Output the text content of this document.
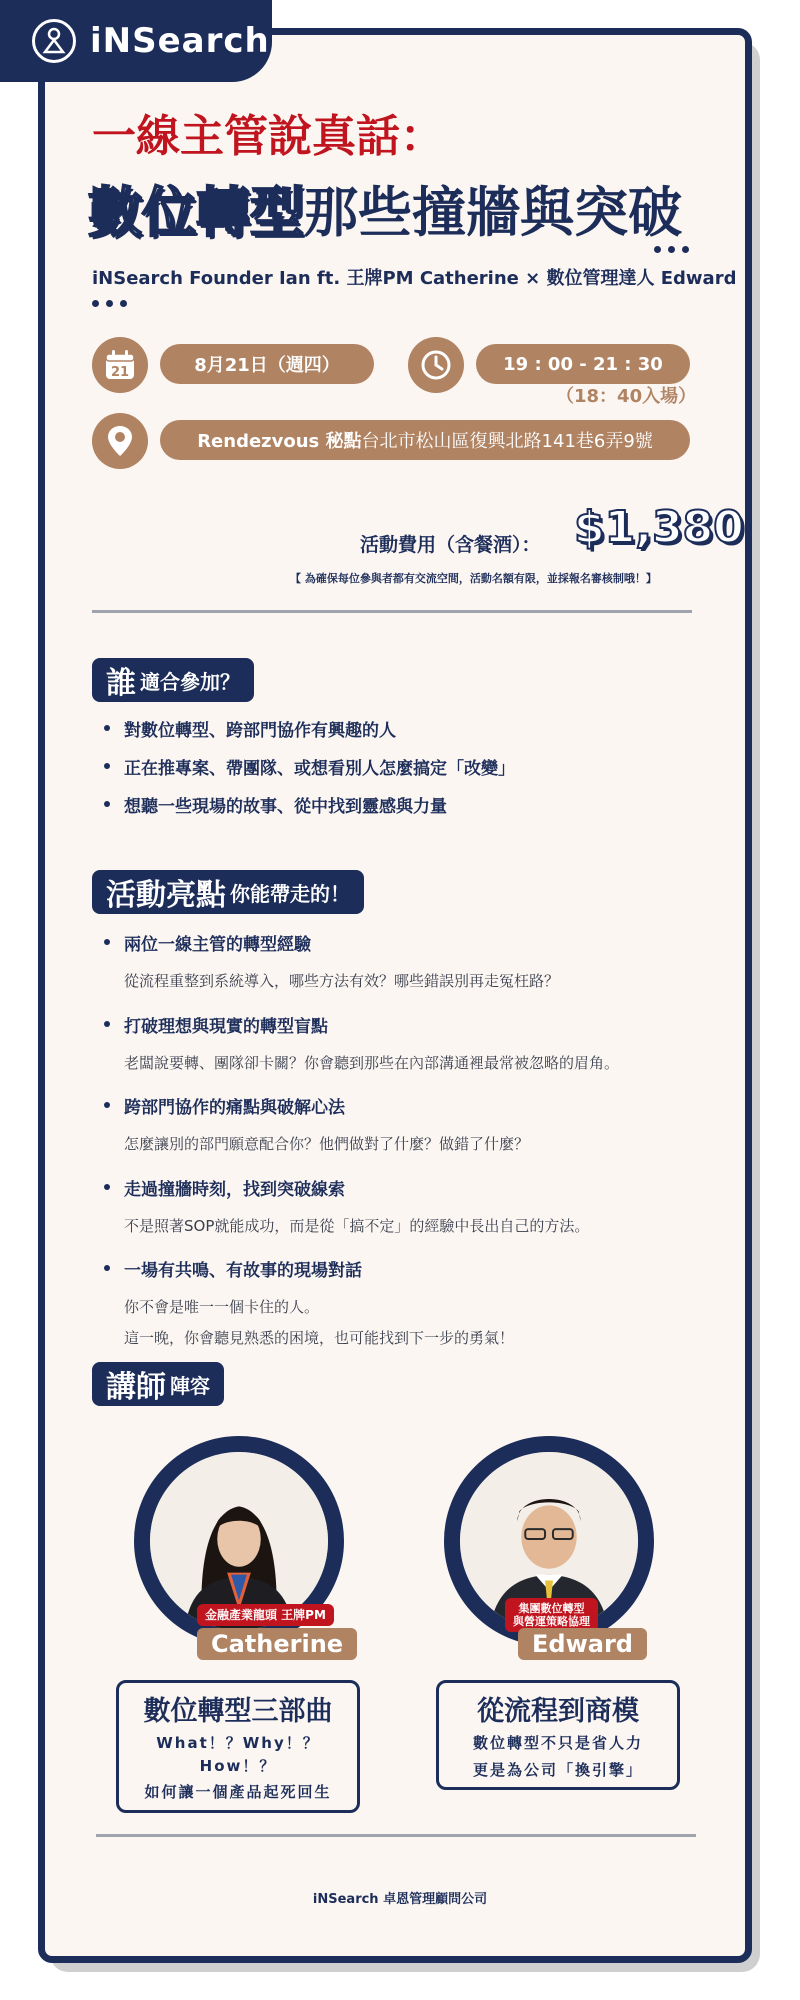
iNSearch
一線主管說真話：
數位轉型那些撞牆與突破
iNSearch Founder Ian ft. 王牌PM Catherine × 數位管理達人 Edward
21	8月21日（週四）	19 : 00 - 21 : 30
（18：40入場）
Rendezvous 秘點 台北市松山區復興北路141巷6弄9號
活動費用（含餐酒）： $1,380
【 為確保每位參與者都有交流空間，活動名額有限，並採報名審核制哦！】
誰 適合參加？
對數位轉型、跨部門協作有興趣的人
正在推專案、帶團隊、或想看別人怎麼搞定「改變」
想聽一些現場的故事、從中找到靈感與力量
活動亮點 你能帶走的！
兩位一線主管的轉型經驗
從流程重整到系統導入，哪些方法有效？哪些錯誤別再走冤枉路？
打破理想與現實的轉型盲點
老闆說要轉、團隊卻卡關？你會聽到那些在內部溝通裡最常被忽略的眉角。
跨部門協作的痛點與破解心法
怎麼讓別的部門願意配合你？他們做對了什麼？做錯了什麼？
走過撞牆時刻，找到突破線索
不是照著SOP就能成功，而是從「搞不定」的經驗中長出自己的方法。
一場有共鳴、有故事的現場對話
你不會是唯一一個卡住的人。
這一晚，你會聽見熟悉的困境，也可能找到下一步的勇氣！
講師 陣容
金融產業龍頭 王牌PM
Catherine
數位轉型三部曲
What！？Why！？How！？
如何讓一個產品起死回生
集團數位轉型
與營運策略協理
Edward
從流程到商模
數位轉型不只是省人力
更是為公司「換引擎」
iNSearch 卓恩管理顧問公司
